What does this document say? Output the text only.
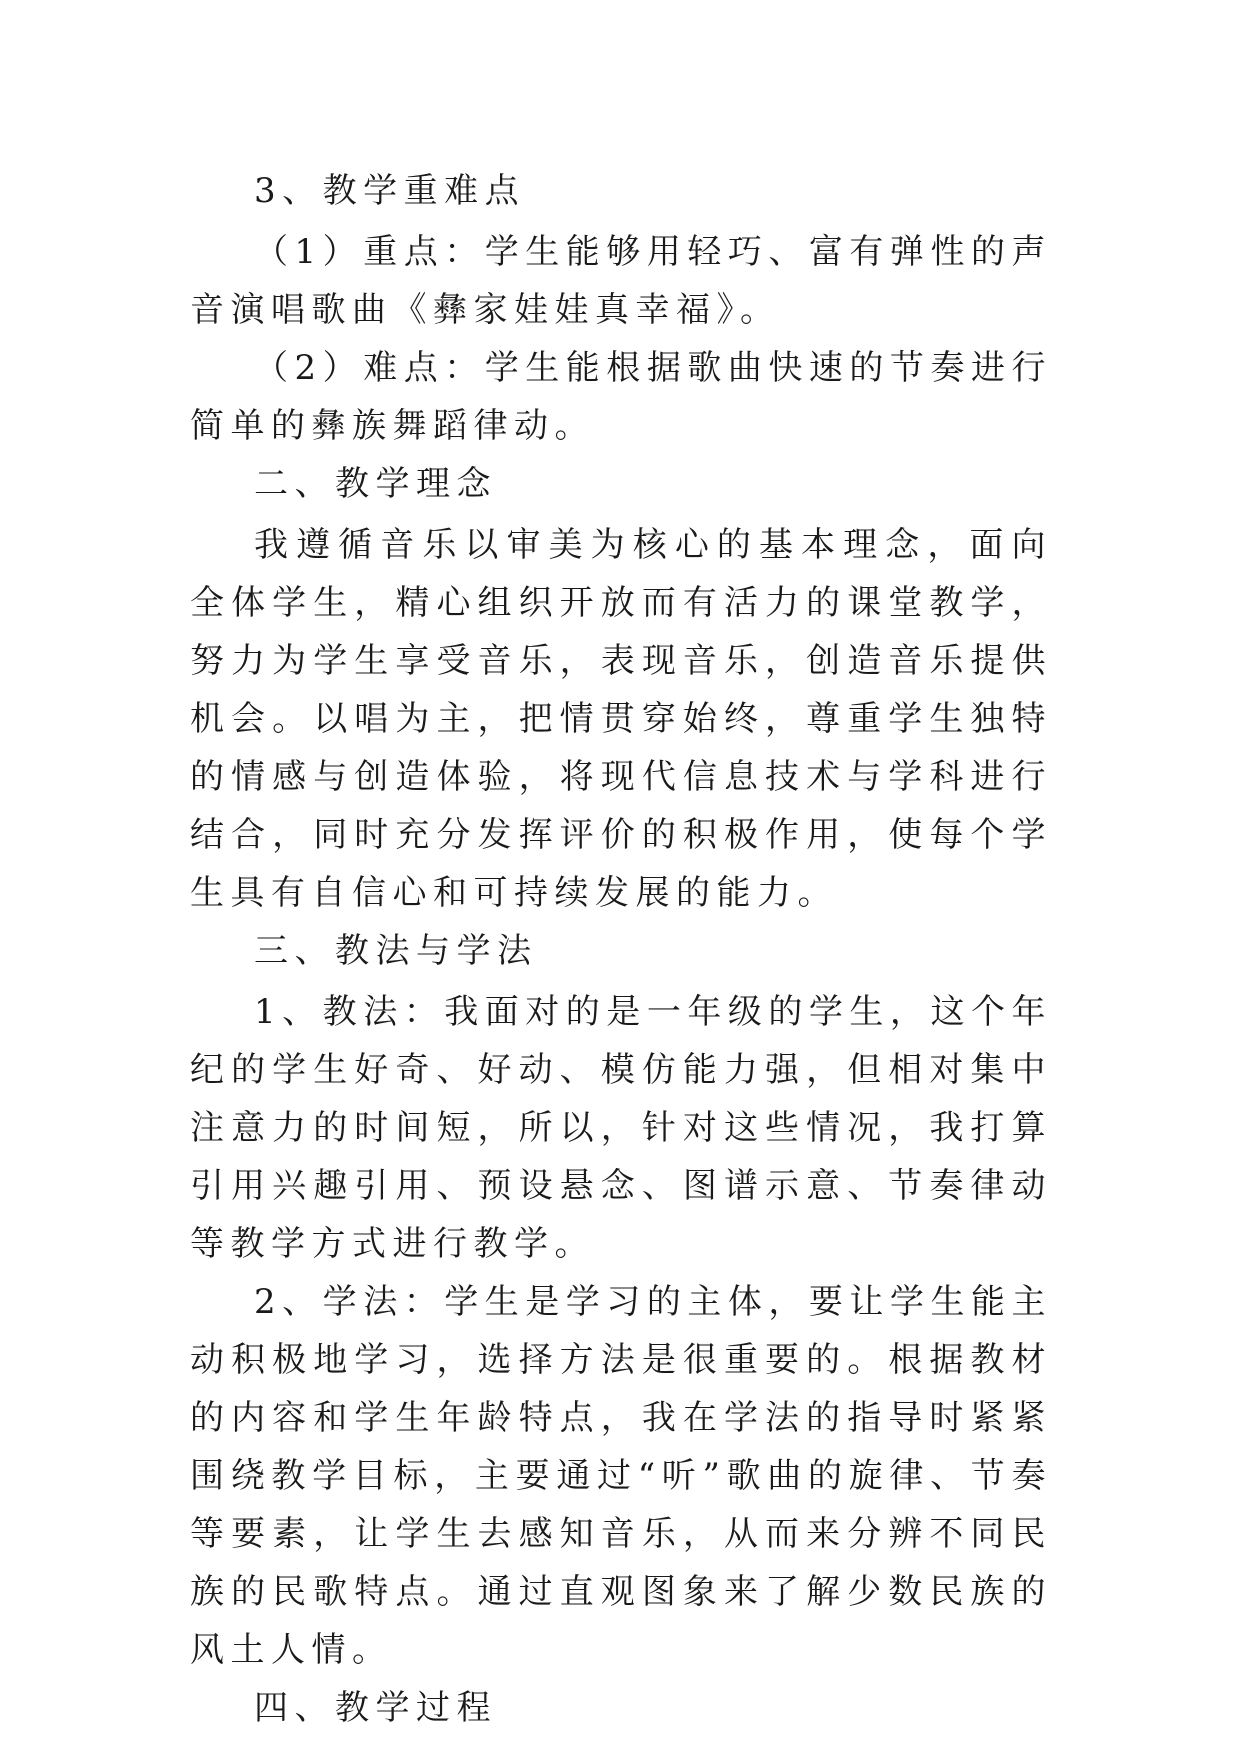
3、教学重难点

（1）重点：学生能够用轻巧、富有弹性的声音演唱歌曲《彝家娃娃真幸福》。

（2）难点：学生能根据歌曲快速的节奏进行简单的彝族舞蹈律动。

二、教学理念

我遵循音乐以审美为核心的基本理念，面向全体学生，精心组织开放而有活力的课堂教学，努力为学生享受音乐，表现音乐，创造音乐提供机会。以唱为主，把情贯穿始终，尊重学生独特的情感与创造体验，将现代信息技术与学科进行结合，同时充分发挥评价的积极作用，使每个学生具有自信心和可持续发展的能力。

三、教法与学法

1、教法：我面对的是一年级的学生，这个年纪的学生好奇、好动、模仿能力强，但相对集中注意力的时间短，所以，针对这些情况，我打算引用兴趣引用、预设悬念、图谱示意、节奏律动等教学方式进行教学。

2、学法：学生是学习的主体，要让学生能主动积极地学习，选择方法是很重要的。根据教材的内容和学生年龄特点，我在学法的指导时紧紧围绕教学目标，主要通过“听”歌曲的旋律、节奏等要素，让学生去感知音乐，从而来分辨不同民族的民歌特点。通过直观图象来了解少数民族的风土人情。

四、教学过程
